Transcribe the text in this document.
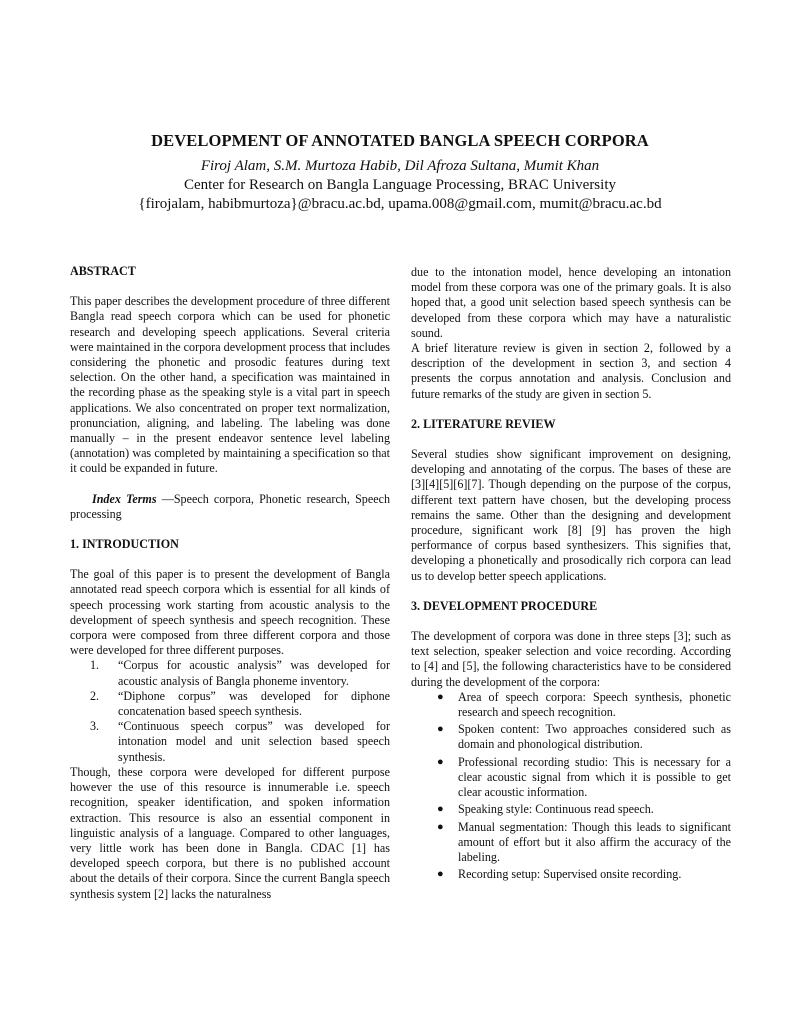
DEVELOPMENT OF ANNOTATED BANGLA SPEECH CORPORA
Firoj Alam, S.M. Murtoza Habib, Dil Afroza Sultana, Mumit Khan
Center for Research on Bangla Language Processing, BRAC University
{firojalam, habibmurtoza}@bracu.ac.bd, upama.008@gmail.com, mumit@bracu.ac.bd

ABSTRACT

This paper describes the development procedure of three different Bangla read speech corpora which can be used for phonetic research and developing speech applications. Several criteria were maintained in the corpora development process that includes considering the phonetic and prosodic features during text selection. On the other hand, a specification was maintained in the recording phase as the speaking style is a vital part in speech applications. We also concentrated on proper text normalization, pronunciation, aligning, and labeling. The labeling was done manually – in the present endeavor sentence level labeling (annotation) was completed by maintaining a specification so that it could be expanded in future.

Index Terms —Speech corpora, Phonetic research, Speech processing

1. INTRODUCTION

The goal of this paper is to present the development of Bangla annotated read speech corpora which is essential for all kinds of speech processing work starting from acoustic analysis to the development of speech synthesis and speech recognition. These corpora were composed from three different corpora and those were developed for three different purposes.

1. “Corpus for acoustic analysis” was developed for acoustic analysis of Bangla phoneme inventory.
2. “Diphone corpus” was developed for diphone concatenation based speech synthesis.
3. “Continuous speech corpus” was developed for intonation model and unit selection based speech synthesis.

Though, these corpora were developed for different purpose however the use of this resource is innumerable i.e. speech recognition, speaker identification, and spoken information extraction. This resource is also an essential component in linguistic analysis of a language. Compared to other languages, very little work has been done in Bangla. CDAC [1] has developed speech corpora, but there is no published account about the details of their corpora. Since the current Bangla speech synthesis system [2] lacks the naturalness

due to the intonation model, hence developing an intonation model from these corpora was one of the primary goals. It is also hoped that, a good unit selection based speech synthesis can be developed from these corpora which may have a naturalistic sound.

A brief literature review is given in section 2, followed by a description of the development in section 3, and section 4 presents the corpus annotation and analysis. Conclusion and future remarks of the study are given in section 5.

2. LITERATURE REVIEW

Several studies show significant improvement on designing, developing and annotating of the corpus. The bases of these are [3][4][5][6][7]. Though depending on the purpose of the corpus, different text pattern have chosen, but the developing process remains the same. Other than the designing and development procedure, significant work [8] [9] has proven the high performance of corpus based synthesizers. This signifies that, developing a phonetically and prosodically rich corpora can lead us to develop better speech applications.

3. DEVELOPMENT PROCEDURE

The development of corpora was done in three steps [3]; such as text selection, speaker selection and voice recording. According to [4] and [5], the following characteristics have to be considered during the development of the corpora:

● Area of speech corpora: Speech synthesis, phonetic research and speech recognition.
● Spoken content: Two approaches considered such as domain and phonological distribution.
● Professional recording studio: This is necessary for a clear acoustic signal from which it is possible to get clear acoustic information.
● Speaking style: Continuous read speech.
● Manual segmentation: Though this leads to significant amount of effort but it also affirm the accuracy of the labeling.
● Recording setup: Supervised onsite recording.
